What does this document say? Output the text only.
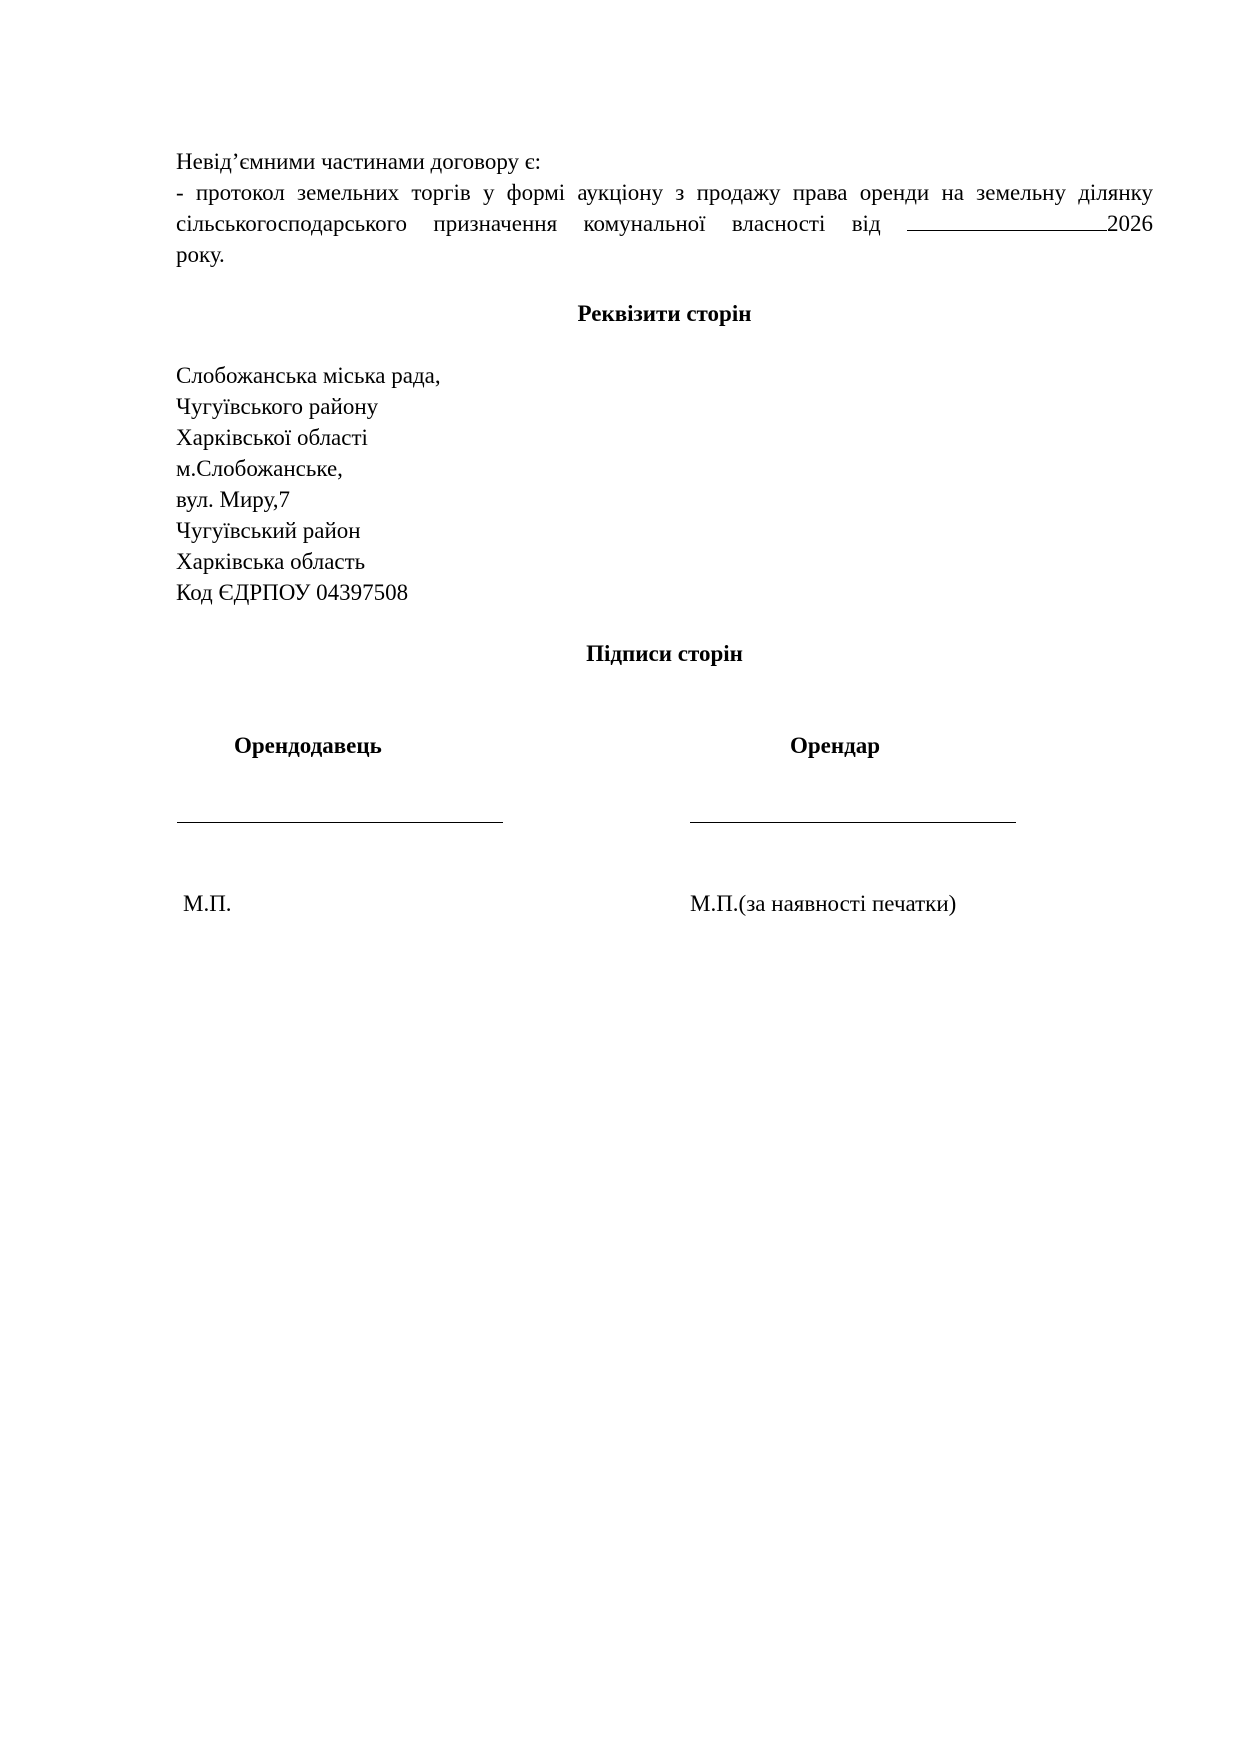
Невід’ємними частинами договору є:

- протокол земельних торгів у формі аукціону з продажу права оренди на земельну ділянку

сільськогосподарського призначення комунальної власності від	2026

року.

Реквізити сторін

Слобожанська міська рада,
Чугуївського району
Харківської області
м.Слобожанське,
вул. Миру,7
Чугуївський район
Харківська область
Код ЄДРПОУ 04397508

Підписи сторін

Орендодавець	Орендар

М.П.	М.П.(за наявності печатки)
